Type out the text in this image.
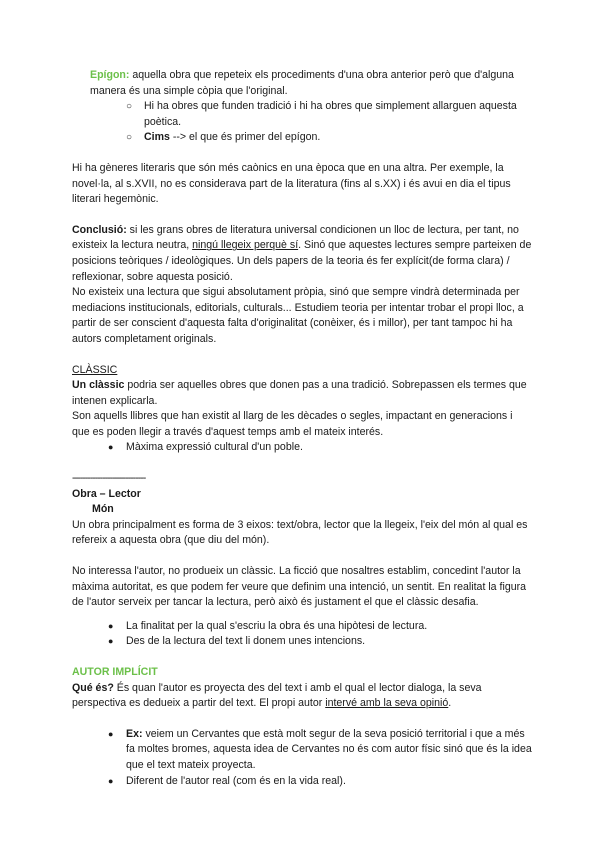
Epígon: aquella obra que repeteix els procediments d'una obra anterior però que d'alguna manera és una simple còpia que l'original.

○ Hi ha obres que funden tradició i hi ha obres que simplement allarguen aquesta poètica.
○ Cims --> el que és primer del epígon.

Hi ha gèneres literaris que són més caònics en una època que en una altra. Per exemple, la novel·la, al s.XVII, no es considerava part de la literatura (fins al s.XX) i és avui en dia el tipus literari hegemònic.

Conclusió: si les grans obres de literatura universal condicionen un lloc de lectura, per tant, no existeix la lectura neutra, ningú llegeix perquè sí. Sinó que aquestes lectures sempre parteixen de posicions teòriques / ideològiques. Un dels papers de la teoria és fer explícit(de forma clara) / reflexionar, sobre aquesta posició.

No existeix una lectura que sigui absolutament pròpia, sinó que sempre vindrà determinada per mediacions institucionals, editorials, culturals... Estudiem teoria per intentar trobar el propi lloc, a partir de ser conscient d'aquesta falta d'originalitat (conèixer, és i millor), per tant tampoc hi ha autors completament originals.

CLÀSSIC

Un clàssic podria ser aquelles obres que donen pas a una tradició. Sobrepassen els termes que intenen explicarla.

Son aquells llibres que han existit al llarg de les dècades o segles, impactant en generacions i que es poden llegir a través d'aquest temps amb el mateix interés.

● Màxima expressió cultural d'un poble.

-----------------------------

Obra – Lector

Món

Un obra principalment es forma de 3 eixos: text/obra, lector que la llegeix, l'eix del món al qual es refereix a aquesta obra (que diu del món).

No interessa l'autor, no produeix un clàssic. La ficció que nosaltres establim, concedint l'autor la màxima autoritat, es que podem fer veure que definim una intenció, un sentit. En realitat la figura de l'autor serveix per tancar la lectura, però això és justament el que el clàssic desafia.

● La finalitat per la qual s'escriu la obra és una hipòtesi de lectura.
● Des de la lectura del text li donem unes intencions.

AUTOR IMPLÍCIT

Qué és? És quan l'autor es proyecta des del text i amb el qual el lector dialoga, la seva perspectiva es dedueix a partir del text. El propi autor intervé amb la seva opinió.

● Ex: veiem un Cervantes que està molt segur de la seva posició territorial i que a més fa moltes bromes, aquesta idea de Cervantes no és com autor físic sinó que és la idea que el text mateix proyecta.
● Diferent de l'autor real (com és en la vida real).
